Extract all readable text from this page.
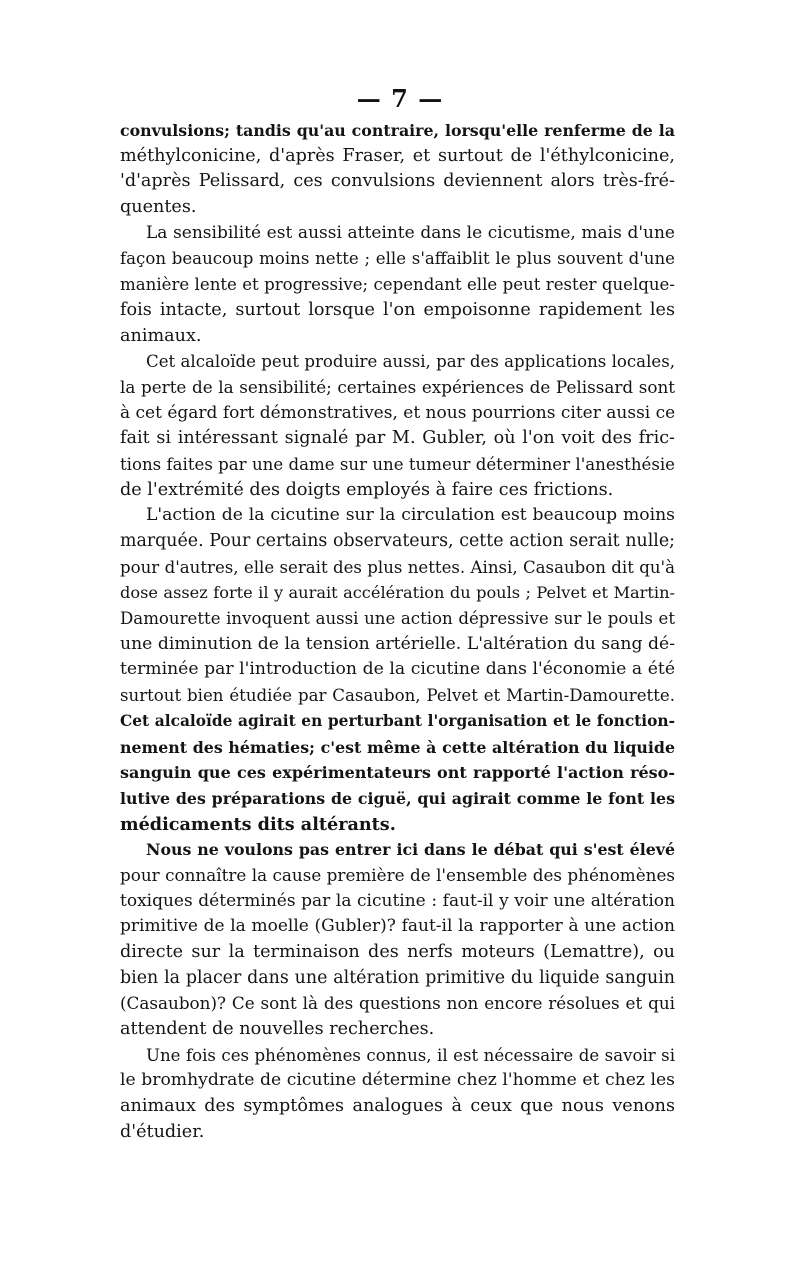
— 7 —
convulsions; tandis qu'au contraire, lorsqu'elle renferme de la
méthylconicine, d'après Fraser, et surtout de l'éthylconicine,
'd'après Pelissard, ces convulsions deviennent alors très-fré-
quentes.
La sensibilité est aussi atteinte dans le cicutisme, mais d'une
façon beaucoup moins nette ; elle s'affaiblit le plus souvent d'une
manière lente et progressive; cependant elle peut rester quelque-
fois intacte, surtout lorsque l'on empoisonne rapidement les
animaux.
Cet alcaloïde peut produire aussi, par des applications locales,
la perte de la sensibilité; certaines expériences de Pelissard sont
à cet égard fort démonstratives, et nous pourrions citer aussi ce
fait si intéressant signalé par M. Gubler, où l'on voit des fric-
tions faites par une dame sur une tumeur déterminer l'anesthésie
de l'extrémité des doigts employés à faire ces frictions.
L'action de la cicutine sur la circulation est beaucoup moins
marquée. Pour certains observateurs, cette action serait nulle;
pour d'autres, elle serait des plus nettes. Ainsi, Casaubon dit qu'à
dose assez forte il y aurait accélération du pouls ; Pelvet et Martin-
Damourette invoquent aussi une action dépressive sur le pouls et
une diminution de la tension artérielle. L'altération du sang dé-
terminée par l'introduction de la cicutine dans l'économie a été
surtout bien étudiée par Casaubon, Pelvet et Martin-Damourette.
Cet alcaloïde agirait en perturbant l'organisation et le fonction-
nement des hématies; c'est même à cette altération du liquide
sanguin que ces expérimentateurs ont rapporté l'action réso-
lutive des préparations de ciguë, qui agirait comme le font les
médicaments dits altérants.
Nous ne voulons pas entrer ici dans le débat qui s'est élevé
pour connaître la cause première de l'ensemble des phénomènes
toxiques déterminés par la cicutine : faut-il y voir une altération
primitive de la moelle (Gubler)? faut-il la rapporter à une action
directe sur la terminaison des nerfs moteurs (Lemattre), ou
bien la placer dans une altération primitive du liquide sanguin
(Casaubon)? Ce sont là des questions non encore résolues et qui
attendent de nouvelles recherches.
Une fois ces phénomènes connus, il est nécessaire de savoir si
le bromhydrate de cicutine détermine chez l'homme et chez les
animaux des symptômes analogues à ceux que nous venons
d'étudier.
